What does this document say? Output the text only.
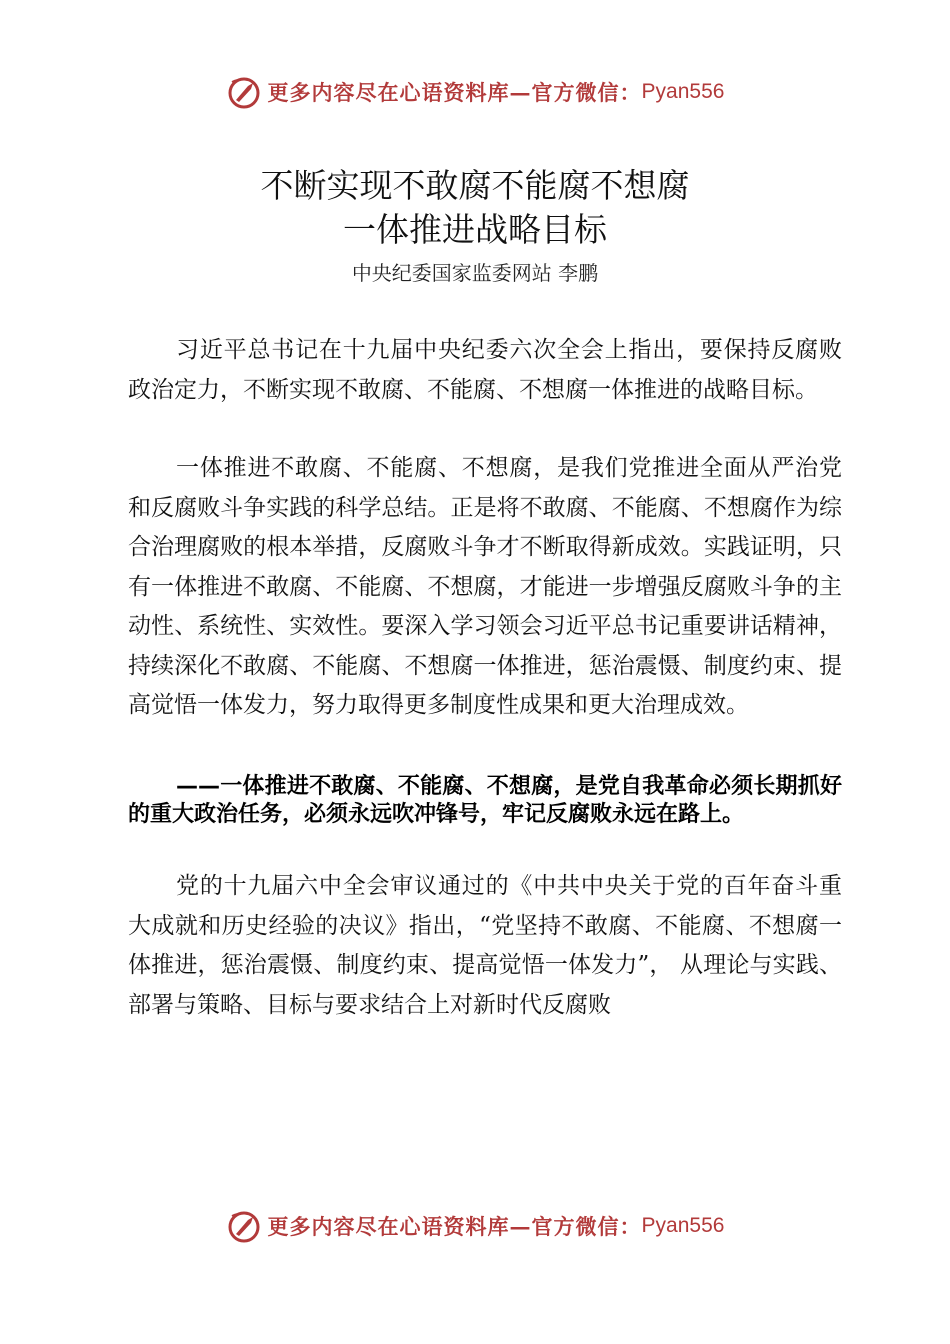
更多内容尽在心语资料库—官方微信： Pyan556
不断实现不敢腐不能腐不想腐
一体推进战略目标
中央纪委国家监委网站 李鹏

习近平总书记在十九届中央纪委六次全会上指出，要保持反腐败政治定力，不断实现不敢腐、不能腐、不想腐一体推进的战略目标。

一体推进不敢腐、不能腐、不想腐，是我们党推进全面从严治党和反腐败斗争实践的科学总结。正是将不敢腐、不能腐、不想腐作为综合治理腐败的根本举措，反腐败斗争才不断取得新成效。实践证明，只有一体推进不敢腐、不能腐、不想腐，才能进一步增强反腐败斗争的主动性、系统性、实效性。要深入学习领会习近平总书记重要讲话精神，持续深化不敢腐、不能腐、不想腐一体推进，惩治震慑、制度约束、提高觉悟一体发力，努力取得更多制度性成果和更大治理成效。

——一体推进不敢腐、不能腐、不想腐，是党自我革命必须长期抓好的重大政治任务，必须永远吹冲锋号，牢记反腐败永远在路上。

党的十九届六中全会审议通过的《中共中央关于党的百年奋斗重大成就和历史经验的决议》指出，“党坚持不敢腐、不能腐、不想腐一体推进，惩治震慑、制度约束、提高觉悟一体发力”， 从理论与实践、部署与策略、目标与要求结合上对新时代反腐败

更多内容尽在心语资料库—官方微信： Pyan556
